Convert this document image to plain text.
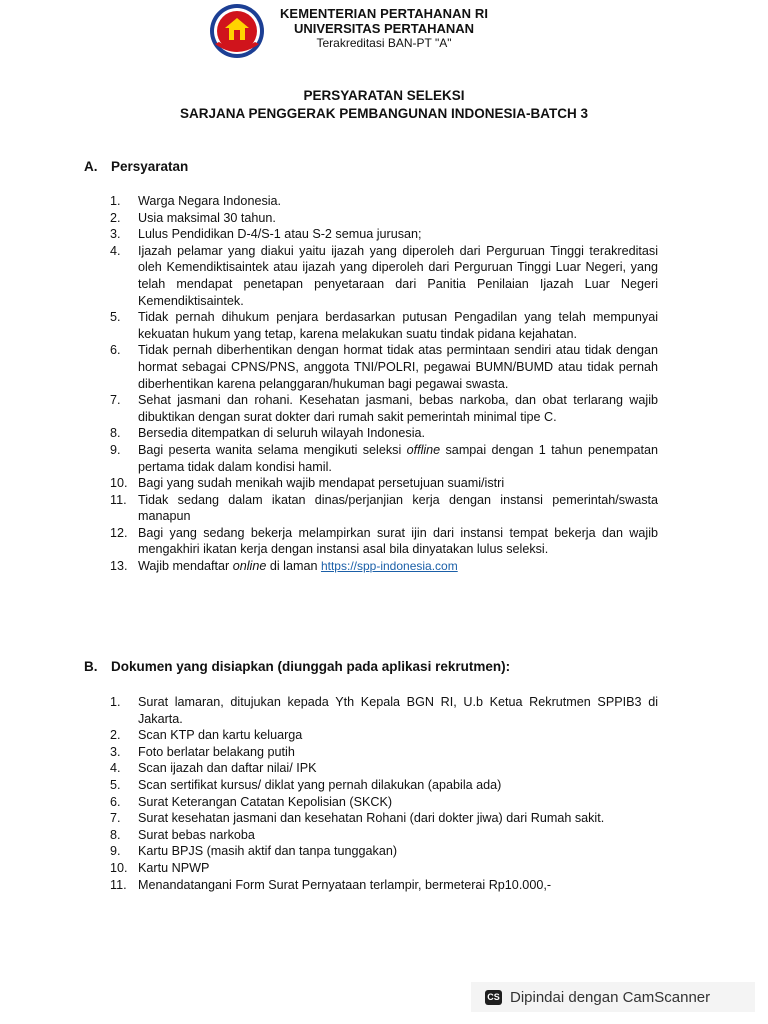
KEMENTERIAN PERTAHANAN RI
UNIVERSITAS PERTAHANAN
Terakreditasi BAN-PT "A"
PERSYARATAN SELEKSI
SARJANA PENGGERAK PEMBANGUNAN INDONESIA-BATCH 3
A. Persyaratan
1.	Warga Negara Indonesia.
2.	Usia maksimal 30 tahun.
3.	Lulus Pendidikan D-4/S-1 atau S-2 semua jurusan;
4.	Ijazah pelamar yang diakui yaitu ijazah yang diperoleh dari Perguruan Tinggi terakreditasi oleh Kemendiktisaintek atau ijazah yang diperoleh dari Perguruan Tinggi Luar Negeri, yang telah mendapat penetapan penyetaraan dari Panitia Penilaian Ijazah Luar Negeri Kemendiktisaintek.
5.	Tidak pernah dihukum penjara berdasarkan putusan Pengadilan yang telah mempunyai kekuatan hukum yang tetap, karena melakukan suatu tindak pidana kejahatan.
6.	Tidak pernah diberhentikan dengan hormat tidak atas permintaan sendiri atau tidak dengan hormat sebagai CPNS/PNS, anggota TNI/POLRI, pegawai BUMN/BUMD atau tidak pernah diberhentikan karena pelanggaran/hukuman bagi pegawai swasta.
7.	Sehat jasmani dan rohani. Kesehatan jasmani, bebas narkoba, dan obat terlarang wajib dibuktikan dengan surat dokter dari rumah sakit pemerintah minimal tipe C.
8.	Bersedia ditempatkan di seluruh wilayah Indonesia.
9.	Bagi peserta wanita selama mengikuti seleksi offline sampai dengan 1 tahun penempatan pertama tidak dalam kondisi hamil.
10. Bagi yang sudah menikah wajib mendapat persetujuan suami/istri
11. Tidak sedang dalam ikatan dinas/perjanjian kerja dengan instansi pemerintah/swasta manapun
12. Bagi yang sedang bekerja melampirkan surat ijin dari instansi tempat bekerja dan wajib mengakhiri ikatan kerja dengan instansi asal bila dinyatakan lulus seleksi.
13. Wajib mendaftar online di laman https://spp-indonesia.com
B. Dokumen yang disiapkan (diunggah pada aplikasi rekrutmen):
1.	Surat lamaran, ditujukan kepada Yth Kepala BGN RI, U.b Ketua Rekrutmen SPPIB3 di Jakarta.
2.	Scan KTP dan kartu keluarga
3.	Foto berlatar belakang putih
4.	Scan ijazah dan daftar nilai/ IPK
5.	Scan sertifikat kursus/ diklat yang pernah dilakukan (apabila ada)
6.	Surat Keterangan Catatan Kepolisian (SKCK)
7.	Surat kesehatan jasmani dan kesehatan Rohani (dari dokter jiwa) dari Rumah sakit.
8.	Surat bebas narkoba
9.	Kartu BPJS (masih aktif dan tanpa tunggakan)
10. Kartu NPWP
11. Menandatangani Form Surat Pernyataan terlampir, bermeterai Rp10.000,-
CS Dipindai dengan CamScanner
